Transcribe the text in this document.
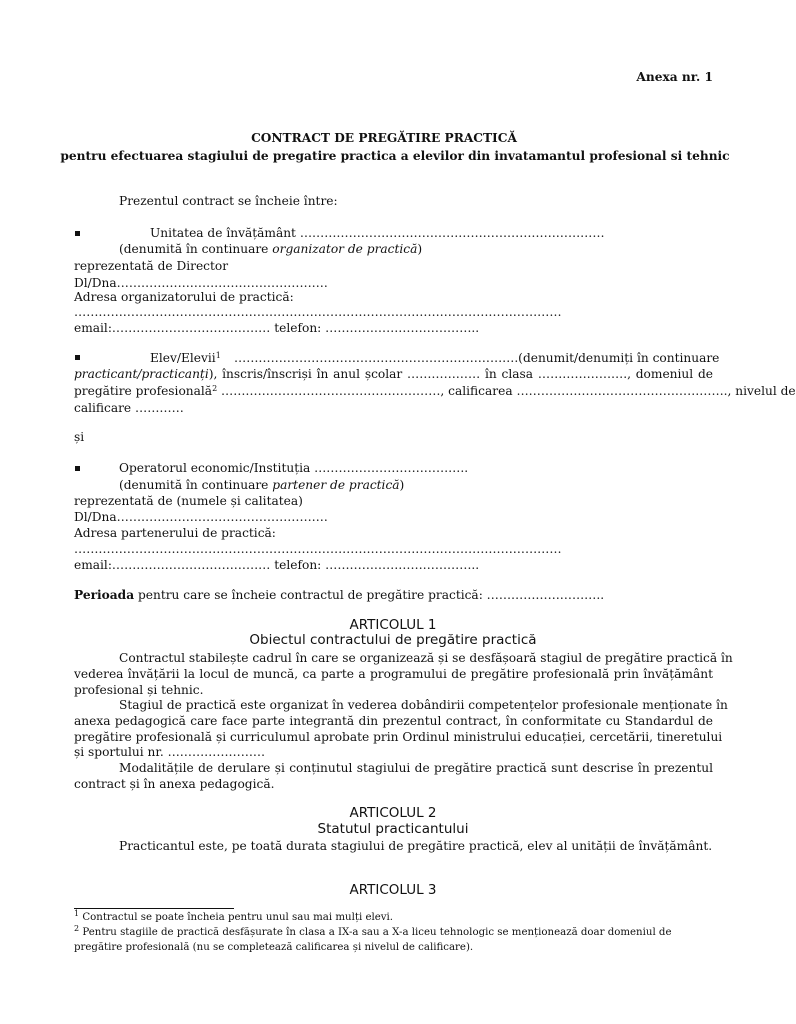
Anexa nr. 1
CONTRACT DE PREGĂTIRE PRACTICĂ
pentru efectuarea stagiului de pregatire practica a elevilor din invatamantul profesional si tehnic
Prezentul contract se încheie între:
Unitatea de învățământ …………………………………………………………………
(denumită în continuare organizator de practică)
reprezentată de Director
Dl/Dna…………………………………………….
Adresa organizatorului de practică:
…………………………………………………………………………………………………………
email:………………………………… telefon: ………………………………..
Elev/Elevii$^1$ …………………………………………………………….(denumit/denumiți în continuare
practicant/practicanți), înscris/înscriși în anul școlar ……………… în clasa …………………., domeniul de
pregătire profesională$^2$ ………………………………………………, calificarea ……………………………………………., nivelul de
calificare …………
și
Operatorul economic/Instituția ………………………………..
(denumită în continuare partener de practică)
reprezentată de (numele și calitatea)
Dl/Dna…………………………………………….
Adresa partenerului de practică:
…………………………………………………………………………………………………………
email:………………………………… telefon: ………………………………..
Perioada pentru care se încheie contractul de pregătire practică: ………………………..
ARTICOLUL 1
Obiectul contractului de pregătire practică
Contractul stabilește cadrul în care se organizează și se desfășoară stagiul de pregătire practică în
vederea învățării la locul de muncă, ca parte a programului de pregătire profesională prin învățământ
profesional și tehnic.
Stagiul de practică este organizat în vederea dobândirii competențelor profesionale menționate în
anexa pedagogică care face parte integrantă din prezentul contract, în conformitate cu Standardul de
pregătire profesională și curriculumul aprobate prin Ordinul ministrului educației, cercetării, tineretului
și sportului nr. ……………………
Modalitățile de derulare și conținutul stagiului de pregătire practică sunt descrise în prezentul
contract și în anexa pedagogică.
ARTICOLUL 2
Statutul practicantului
Practicantul este, pe toată durata stagiului de pregătire practică, elev al unității de învățământ.
ARTICOLUL 3
$^1$ Contractul se poate încheia pentru unul sau mai mulți elevi.
$^2$ Pentru stagiile de practică desfășurate în clasa a IX-a sau a X-a liceu tehnologic se menționează doar domeniul de
pregătire profesională (nu se completează calificarea și nivelul de calificare).
